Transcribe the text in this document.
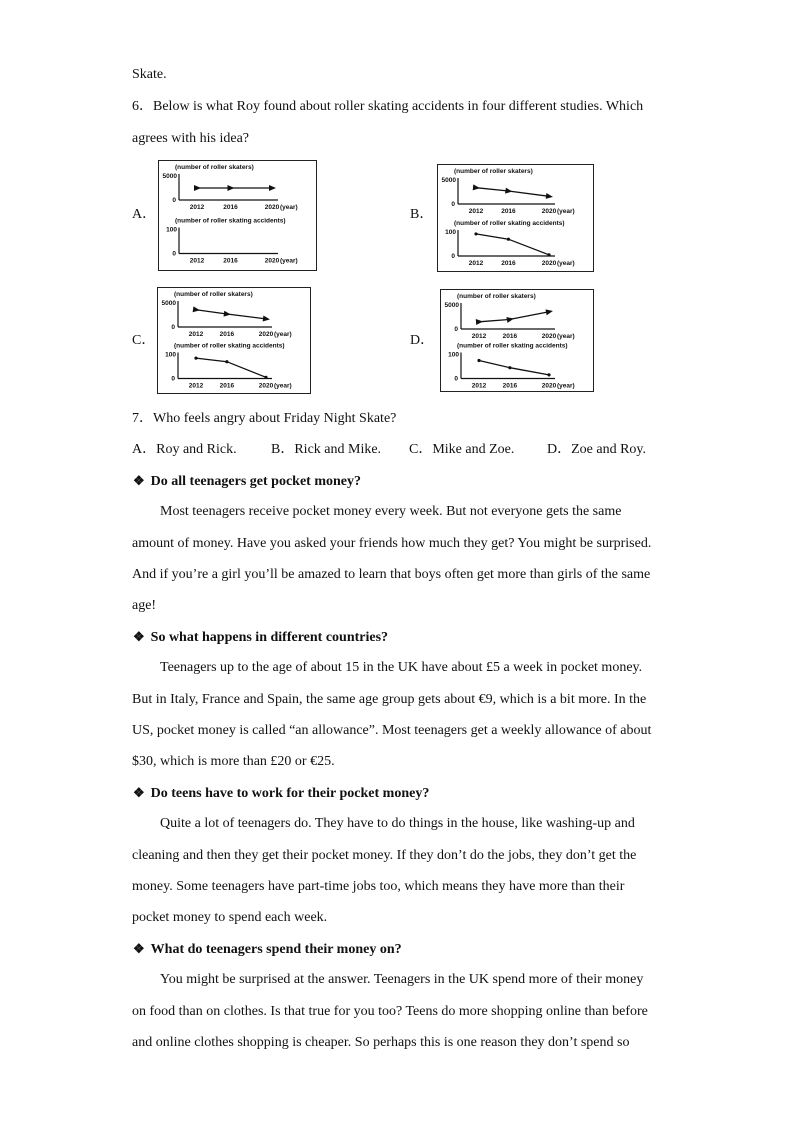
Skate.
6．Below is what Roy found about roller skating accidents in four different studies. Which
agrees with his idea?
A．
(number of roller skaters)
5000
0
2012	2016	2020 (year)
(number of roller skating accidents)
100
0
2012	2016	2020 (year)
B．
(number of roller skaters)
5000
0
2012	2016	2020 (year)
(number of roller skating accidents)
100
0
2012	2016	2020 (year)
C．
(number of roller skaters)
5000
0
2012	2016	2020 (year)
(number of roller skating accidents)
100
0
2012	2016	2020 (year)
D．
(number of roller skaters)
5000
0
2012	2016	2020 (year)
(number of roller skating accidents)
100
0
2012	2016	2020 (year)
7．Who feels angry about Friday Night Skate?
A．Roy and Rick. B．Rick and Mike. C．Mike and Zoe. D．Zoe and Roy.
❖ Do all teenagers get pocket money?
Most teenagers receive pocket money every week. But not everyone gets the same
amount of money. Have you asked your friends how much they get? You might be surprised.
And if you’re a girl you’ll be amazed to learn that boys often get more than girls of the same
age!
❖ So what happens in different countries?
Teenagers up to the age of about 15 in the UK have about £5 a week in pocket money.
But in Italy, France and Spain, the same age group gets about €9, which is a bit more. In the
US, pocket money is called “an allowance”. Most teenagers get a weekly allowance of about
$30, which is more than £20 or €25.
❖ Do teens have to work for their pocket money?
Quite a lot of teenagers do. They have to do things in the house, like washing-up and
cleaning and then they get their pocket money. If they don’t do the jobs, they don’t get the
money. Some teenagers have part-time jobs too, which means they have more than their
pocket money to spend each week.
❖ What do teenagers spend their money on?
You might be surprised at the answer. Teenagers in the UK spend more of their money
on food than on clothes. Is that true for you too? Teens do more shopping online than before
and online clothes shopping is cheaper. So perhaps this is one reason they don’t spend so
